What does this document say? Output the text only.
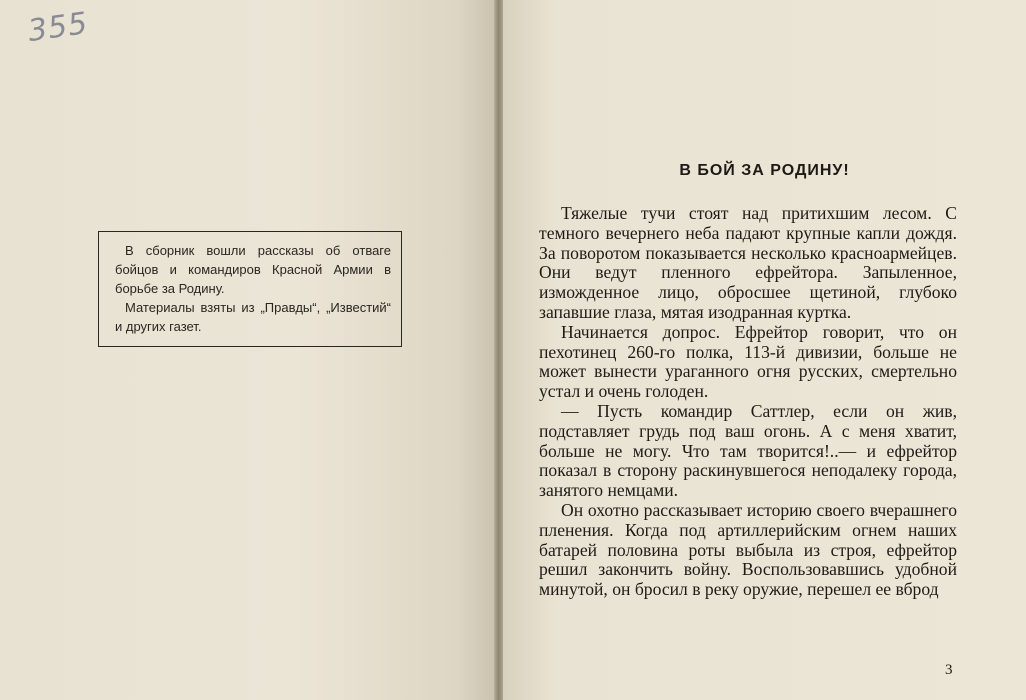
355

В сборник вошли рассказы об отваге бойцов и командиров Красной Армии в борьбе за Родину.

Материалы взяты из „Правды“, „Известий“ и других газет.

В БОЙ ЗА РОДИНУ!

Тяжелые тучи стоят над притихшим лесом. С темного вечернего неба падают крупные капли дождя. За поворотом показывается несколько красноармейцев. Они ведут пленного ефрейтора. Запыленное, изможденное лицо, обросшее щетиной, глубоко запавшие глаза, мятая изодранная куртка.

Начинается допрос. Ефрейтор говорит, что он пехотинец 260-го полка, 113-й дивизии, больше не может вынести ураганного огня русских, смертельно устал и очень голоден.

— Пусть командир Саттлер, если он жив, подставляет грудь под ваш огонь. А с меня хватит, больше не могу. Что там творится!..— и ефрейтор показал в сторону раскинувшегося неподалеку города, занятого немцами.

Он охотно рассказывает историю своего вчерашнего пленения. Когда под артиллерийским огнем наших батарей половина роты выбыла из строя, ефрейтор решил закончить войну. Воспользовавшись удобной минутой, он бросил в реку оружие, перешел ее вброд

3
